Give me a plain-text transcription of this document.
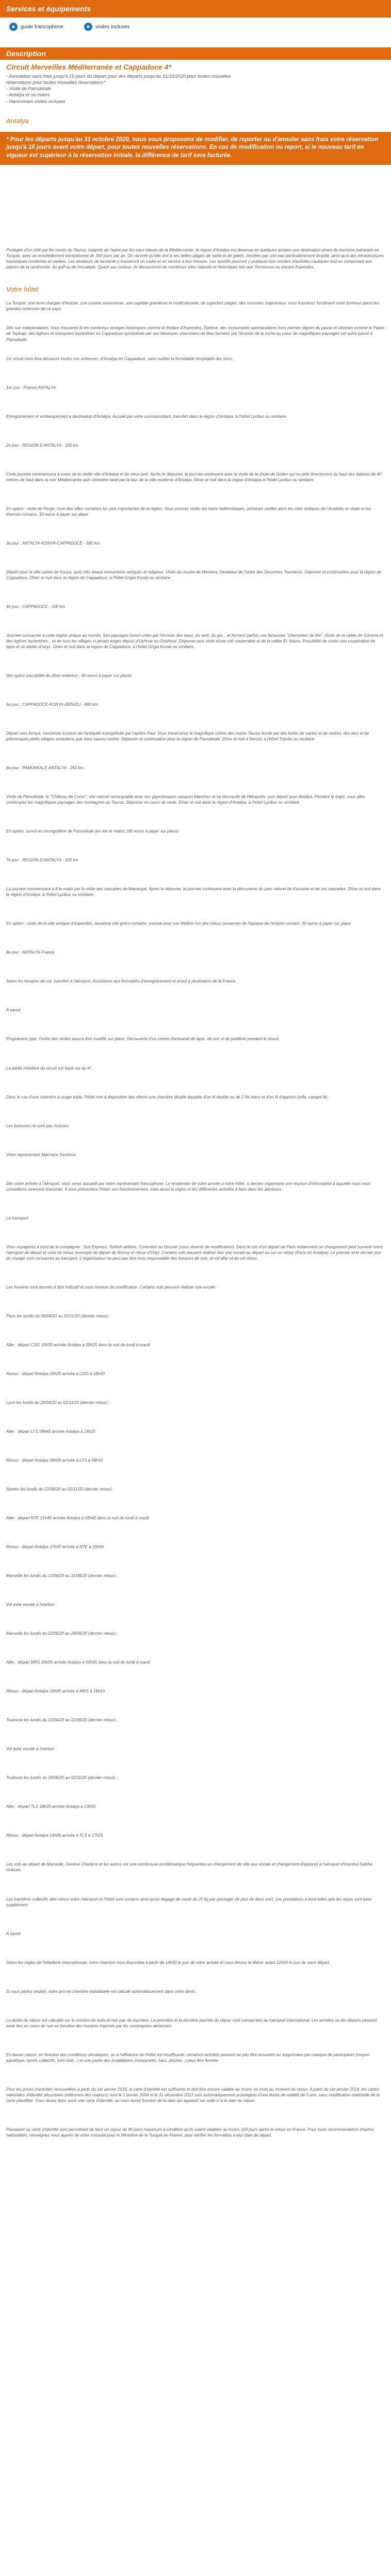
Services et équipements
●	guide francophone	●	visites incluses
Description
Circuit Merveilles Méditerranée et Cappadoce 4*
- Annulation sans frais jusqu'à 15 jours du départ pour des départs jusqu'au 31/10/2020 pour toutes nouvelles
réservations pour toutes nouvelles réservations*
- Visite de Pamukkale
- Antalya et sa riviera
- Hammmam visites incluses
Antalya
* Pour les départs jusqu'au 31 octobre 2020, nous vous proposons de modifier, de reporter ou d'annuler sans frais votre réservation jusqu'à 15 jours avant votre départ, pour toutes nouvelles réservations. En cas de modification ou report, si le nouveau tarif en vigueur est supérieur à la réservation initiale, la différence de tarif sera facturée.
Protégée d'un côté par les monts du Taurus, baignée de l'autre par les eaux bleues de la Méditerranée, la région d'Antalya est devenue en quelques années une destination phare du tourisme balnéaire en Turquie, avec un ensoleillement exceptionnel de 300 jours par an. On raconte qu'elle doit à ses belles plages de sable et de galets, bordées par une eau particulièrement limpide, ainsi qu'à des infrastructures touristiques modernes et variées. Les amateurs de farniente y trouveront un cadre et un service à leur mesure. Les sportifs pourront y pratiquer bon nombre d'activités nautiques tout en composant aux plaisirs de la randonnée, du golf ou de l'escalade. Quant aux curieux, ils découvriront de nombreux sites naturels et historiques tels que Termessos ou encore Aspendos.
Votre hôtel
La Turquie, une terre chargée d'histoire, une cuisine savoureuse, une capitale grandiose et multiculturelle, de superbes plages, des sommets majestueux, vous trouverez forcément votre bonheur parmi les grandes richesses de ce pays.
Dès son indépendance, Vous trouverez là les nombreux vestiges historiques comme le théâtre d'Aspendos, Éphèse, des monuments spectaculaires hors normes dignes du passé et ottoman comme le Palais de Topkapi, des églises et mosquées byzantines en Cappadoce symbolisée par ses fameuses cheminées de fées formées par l'érosion de la roche au cœur de magnifiques paysages cet autre passé à Pamukkale.
Ce circuit vous fera découvrir toutes ces richesses, d'Antalya en Cappadoce, sans oublier la formidable hospitalité des turcs.
1er jour : France-ANTALYA
Enregistrement et embarquement à destination d'Antalya. Accueil par votre correspondant, transfert dans la région d'Antalya, à l'hôtel Lycilius ou similaire.
2e jour : REGION D'ANTALYA - 100 km
Cette journée commencera à coeur de la vieille ville d'Antalya et du vieux port. Après le déjeuner, la journée continuera avec la visite de la chute de Düden qui se jette directement du haut des falaises de 40 mètres de haut dans la mer Méditerranée puis cimétière local par la tour de la ville moderne d'Antalya. Dîner et nuit dans la région d'Antalya à l'hôtel Lycilius ou similaire.
En option : visite de Perge, l'une des villes romaines les plus importantes de la région. Vous pourrez visiter les bains hellénistiques, certaines vieilles dans les cités antiques de l'Anatolie, le stade et les thermes romains. 30 euros à payer sur place
3e jour : ANTALYA-KONYA-CAPPADOCE - 580 km
Départ pour la ville sainte de Konya, avec très beaux monuments antiqués et religieux. Visite du musée de Mevlana, fondateur de l'ordre des Derviches Tourneurs. Déjeuner et continuation pour la région de Cappadoce. Dîner et nuit dans la région de Cappadoce, à l'hôtel Grigia Kuvak ou similaire.
4e jour : CAPPADOCE - 100 km
Journée consacrée à cette région unique au monde, Ses paysages furent créés par l'érosion des eaux, du vent, du gel... et forment parfois ces fameuses "cheminées de fée". Visite de la vallée de Göreme et des églises byzantines... et de tous les villages si jamais érigés depuis d'Uçhisar ou Ortahisar. Déjeuner puis visite d'une cité souterraine et de la vallée Et. hauss. Possibilité de visiter une coopérative de tapis et un atelier d'onyx. Dîner et nuit dans la région de Cappadoce, à l'hôtel Grigia Kuvak ou similaire.
(les option possibilité de dîner extérieur : 60 euros à payer sur place)
5e jour : CAPPADOCE-KONYA-DENIZLI - 680 km
Départ vers Konya, l'ancienne Iconium de l'antiquité évangélisée par l'apôtre Paul. Vous traverserez le magnifique chêne des monts Taurus bordé par des forêts de sapins et de cédres, des lacs et de pittoresques petits villages anatoliens que vous saurez rentrer. Déjeuner et continuation pour la région de Pamukkale. Dîner et nuit à Denizli, à l'hôtel Tripolis ou similaire.
6e jour : PAMUKKALE-ANTALYA - 250 km
Visite de Pamukkale, le "Château de Coton", site naturel remarquable avec ses gigantesques vasques blanches et sa nécropole de Hiérapolis, puis départ pour Antalya. Pendant le trajet, vous allez contempler les magnifiques paysages des montagnes du Taurus. Déjeuner en cours de route. Dîner et nuit dans la région d'Antalya, à l'hôtel Lycilius ou similaire.
En option, survol en montgolfière de Pamukkale (en été le matin) 180 euros à payer sur place)
7e jour : REGION D'ANTALYA - 100 km
La journée commencera à 8 le matin par la visite des cascades de Manavgat. Après le déjeuner, la journée continuera avec la découverte du parc naturel de Kursunlu et de ses cascades. Dîner et nuit dans la région d'Antalya, à l'hôtel Lycilius ou similaire.
En option : visite de la ville antique d'Aspendos, ancienne cité gréco-romaine, connue pour son théâtre l'un des mieux conservés de l'époque de l'empire romain). 30 euros à payer sur place
8e jour : ANTALYA-France
Selon les horaires de vol, transfert à l'aéroport. Assistance aux formalités d'enregistrement et envol à destination de la France.
A savoir
Programme type, l'ordre des visites pourra être modifié sur place. Découverte d'un centre d'artisanat de tapis, de cuir et de joaillerie pendant le circuit.
La partie hôtelière du circuit est basé sur du 4*.
Dans le cas d'une chambre à usage triple, l'hôtel met à disposition des clients une chambre double équipée d'un lit double ou de 2 lits twins et d'un lit d'appoint (sofa, canapé lit).
Les boissons ne sont pas incluses
Votre représentant Marmara Tourisme
Dès votre arrivée à l'aéroport, vous serez accueilli par notre représentant francophone. Le lendemain de votre arrivée à votre hôtel, si dernier organisera une réunion d'information à laquelle nous vous conseillons vivement d'assister. Il vous présentera l'hôtel, son fonctionnement, mais aussi la région et les différentes activités à faire dans les alentours.
Le transport
Vous voyagerez à bord de la compagnie : Sun Express, Turkish airlines, Corendon ou Onurair (sous réserve de modification). Dans le cas d'un départ de Paris notamment un changement peut survenir entre l'aéroport de départ et celui de retour (exemple de départ de Roissy et retour d'Orly). Certains vols peuvent réaliser leur une escale au départ ou sur un retour (Paris-Ist-Antalya). Le premier et le dernier jour du voyage sont consacrés au transport. L'organisateur ne peut pas être tenu responsable des horaires de vols, le vol aller et du vol retour.
Les horaires sont donnés à titre indicatif et sous réserve de modification. Certains vols peuvent réaliser une escale.
Paris les lundis du 06/04/20 au 02/11/20 (dernier retour) :
Aller : départ CDG 19h30 arrivée Antalya à 00h25 dans la nuit de lundi à mardi
Retour : départ Antalya 15h20 arrivée à CDG à 18h40
Lyon les lundis du 20/04/20 au 02/11/20 (dernier retour) :
Aller : départ LYS 09h45 arrivée Antalya à 14h25
Retour : départ Antalya 06h00 arrivée à LYS à 08h50
Nantes les lundis du 22/06/20 au 02/11/20 (dernier retour) :
Aller : départ NTE 21h40 arrivée Antalya à 03h40 dans la nuit de lundi à mardi
Retour : départ Antalya 17h00 arrivée à NTE à 20h50
Marseille les lundis du 13/04/20 au 31/08/20 (dernier retour) :
Vol avec escale à Istanbul
Marseille les lundis du 22/06/20 au 28/09/20 (dernier retour) :
Aller : départ MRS 20h05 arrivée Antalya à 00h45 dans la nuit de lundi à mardi
Retour : départ Antalya 16h00 arrivée à MRS à 19h10
Toulouse les lundis du 13/04/20 au 22/06/20 (dernier retour) :
Vol avec escale à Istanbul
Toulouse les lundis du 29/06/20 au 02/11/20 (dernier retour) :
Aller : départ TLS 18h25 arrivée Antalya à 23h05
Retour : départ Antalya 14h00 arrivée à TLS à 17h25
Les vols au départ de Marseille, Genève Charleroi et les autres ont une nombreuse problématique fréquentes un changement de ville aux escale et changement d'appareil à l'aéroport d'Istanbul Sabiha Gokcen.
Les transferts collectifs aller-retour entre l'aéroport et l'hôtel sont compris ainsi qu'un bagage de soute de 20 kg par passager (le plus de deux voir). Les prestations à bord telles que les repas sont avec supplément.
A savoir
Selon les règles de l'hôtellerie internationale, votre chambre sera disponible à partir de 14h00 le jour de votre arrivée et vous devrez la libérer avant 12h00 le jour de votre départ.
Si vous partez seul(e), votre prix en chambre individuelle est calculé automatiquement dans votre devis.
La durée du séjour est calculée sur le nombre de nuits et non pas de journées. La première et la dernière journée du séjour sont consacrées au transport international. Les arrivées ou les départs peuvent avoir lieu en cours de nuit en fonction des horaires imposés par les compagnies aériennes.
En basse saison, en fonction des conditions climatiques, ou à l'affluence de l'hôtel est insuffisante, certaines activités peuvent ne pas être assurées ou supprimées par manque de participants (moyen aquatique, sports collectifs, mini-club...) et une partie des installations (restaurants, bars, piscine...) peut être fermée.
Pour les prises d'activités renouvelées à partir du 1er janvier 2016, la carte d'identité est suffisante et doit être encore valable au moins six mois au moment du retour. A partir du 1er janvier 2014, les cartes nationales d'identité sécurisées (référence des majeurs) sont le 1 janvier 2004 et le 31 décembre 2013 sont automatiquement prolongées d'une durée de validité de 5 ans, sans modification matérielle de la carte plastifiée. Vous devez donc avoir une carte d'identité, ou vous aurez fonction de la date qui apparaît sur celle-ci à la date du séjour.
Passeport ou carte d'identité sont permettant de faire un séjour de 90 jours maximum à condition qu'ils soient valables au moins 150 jours après le retour en France. Pour toute recommandation d'autres nationalités, renseignez-vous auprès de votre consulat pour le Ministère de la Turquie en France, pour vérifier les formalités à leur date de départ.
